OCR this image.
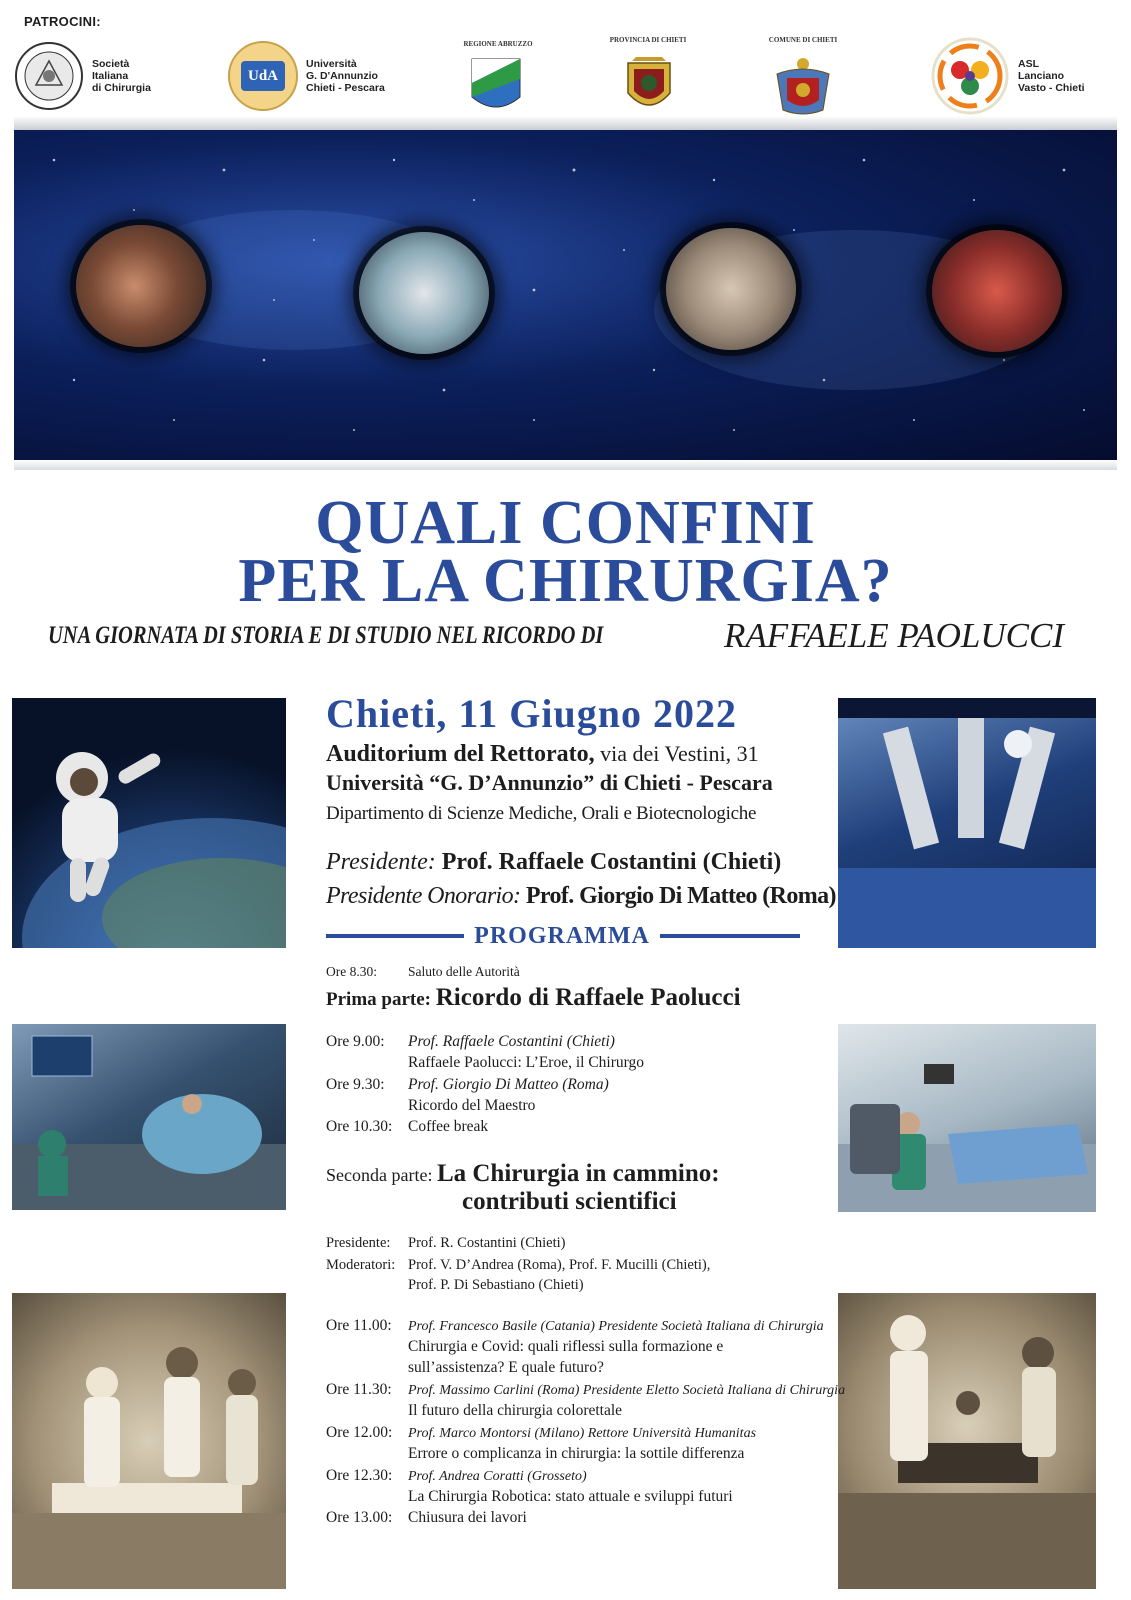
PATROCINI:
Società
Italiana
di Chirurgia
UdA
Università
G. D'Annunzio
Chieti - Pescara
REGIONE ABRUZZO	PROVINCIA DI CHIETI	COMUNE DI CHIETI
ASL
Lanciano
Vasto - Chieti
QUALI CONFINI
PER LA CHIRURGIA?
UNA GIORNATA DI STORIA E DI STUDIO NEL RICORDO DI	RAFFAELE PAOLUCCI
Chieti, 11 Giugno 2022
Auditorium del Rettorato, via dei Vestini, 31
Università “G. D’Annunzio” di Chieti - Pescara
Dipartimento di Scienze Mediche, Orali e Biotecnologiche
Presidente: Prof. Raffaele Costantini (Chieti)
Presidente Onorario: Prof. Giorgio Di Matteo (Roma)
PROGRAMMA
Ore 8.30: Saluto delle Autorità
Prima parte: Ricordo di Raffaele Paolucci
Ore 9.00: Prof. Raffaele Costantini (Chieti)
Raffaele Paolucci: L’Eroe, il Chirurgo
Ore 9.30: Prof. Giorgio Di Matteo (Roma)
Ricordo del Maestro
Ore 10.30: Coffee break
Seconda parte: La Chirurgia in cammino:
contributi scientifici
Presidente: Prof. R. Costantini (Chieti)
Moderatori: Prof. V. D’Andrea (Roma), Prof. F. Mucilli (Chieti),
Prof. P. Di Sebastiano (Chieti)
Ore 11.00: Prof. Francesco Basile (Catania) Presidente Società Italiana di Chirurgia
Chirurgia e Covid: quali riflessi sulla formazione e
sull’assistenza? E quale futuro?
Ore 11.30: Prof. Massimo Carlini (Roma) Presidente Eletto Società Italiana di Chirurgia
Il futuro della chirurgia colorettale
Ore 12.00: Prof. Marco Montorsi (Milano) Rettore Università Humanitas
Errore o complicanza in chirurgia: la sottile differenza
Ore 12.30: Prof. Andrea Coratti (Grosseto)
La Chirurgia Robotica: stato attuale e sviluppi futuri
Ore 13.00: Chiusura dei lavori
